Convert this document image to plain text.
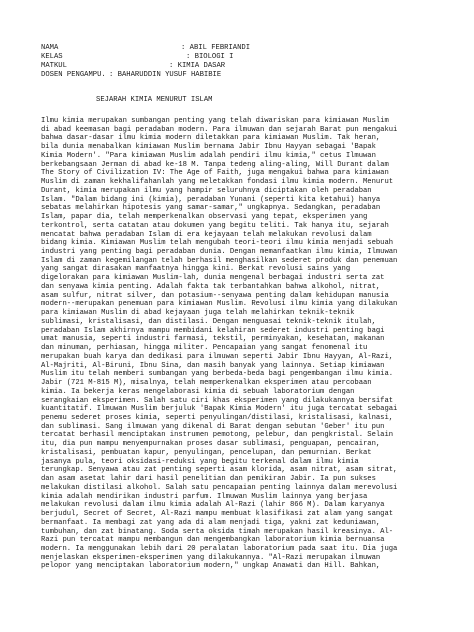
NAMA	: ABIL FEBRIANDI
KELAS	: BIOLOGI I
MATKUL	: KIMIA DASAR
DOSEN PENGAMPU. : BAHARUDDIN YUSUF HABIBIE
SEJARAH KIMIA MENURUT ISLAM
Ilmu kimia merupakan sumbangan penting yang telah diwariskan para kimiawan Muslim
di abad keemasan bagi peradaban modern. Para ilmuwan dan sejarah Barat pun mengakui
bahwa dasar-dasar ilmu kimia modern diletakkan para kimiawan Muslim. Tak heran,
bila dunia menabalkan kimiawan Muslim bernama Jabir Ibnu Hayyan sebagai 'Bapak
Kimia Modern'. "Para kimiawan Muslim adalah pendiri ilmu kimia," cetus Ilmuwan
berkebangsaan Jerman di abad ke-18 M. Tanpa tedeng aling-aling, Will Durant dalam
The Story of Civilization IV: The Age of Faith, juga mengakui bahwa para kimiawan
Muslim di zaman kekhalifahanlah yang meletakkan fondasi ilmu kimia modern. Menurut
Durant, kimia merupakan ilmu yang hampir seluruhnya diciptakan oleh peradaban
Islam. "Dalam bidang ini (kimia), peradaban Yunani (seperti kita ketahui) hanya
sebatas melahirkan hipotesis yang samar-samar," ungkapnya. Sedangkan, peradaban
Islam, papar dia, telah memperkenalkan observasi yang tepat, eksperimen yang
terkontrol, serta catatan atau dokumen yang begitu teliti. Tak hanya itu, sejarah
mencatat bahwa peradaban Islam di era kejayaan telah melakukan revolusi dalam
bidang kimia. Kimiawan Muslim telah mengubah teori-teori ilmu kimia menjadi sebuah
industri yang penting bagi peradaban dunia. Dengan memanfaatkan ilmu kimia, Ilmuwan
Islam di zaman kegemilangan telah berhasil menghasilkan sederet produk dan penemuan
yang sangat dirasakan manfaatnya hingga kini. Berkat revolusi sains yang
digelorakan para kimiawan Muslim-lah, dunia mengenal berbagai industri serta zat
dan senyawa kimia penting. Adalah fakta tak terbantahkan bahwa alkohol, nitrat,
asam sulfur, nitrat silver, dan potasium--senyawa penting dalam kehidupan manusia
modern--merupakan penemuan para kimiawan Muslim. Revolusi ilmu kimia yang dilakukan
para kimiawan Muslim di abad kejayaan juga telah melahirkan teknik-teknik
sublimasi, kristalisasi, dan distilasi. Dengan menguasai teknik-teknik itulah,
peradaban Islam akhirnya mampu membidani kelahiran sederet industri penting bagi
umat manusia, seperti industri farmasi, tekstil, perminyakan, kesehatan, makanan
dan minuman, perhiasan, hingga militer. Pencapaian yang sangat fenomenal itu
merupakan buah karya dan dedikasi para ilmuwan seperti Jabir Ibnu Hayyan, Al-Razi,
Al-Majriti, Al-Biruni, Ibnu Sina, dan masih banyak yang lainnya. Setiap kimiawan
Muslim itu telah memberi sumbangan yang berbeda-beda bagi pengembangan ilmu kimia.
Jabir (721 M-815 M), misalnya, telah memperkenalkan eksperimen atau percobaan
kimia. Ia bekerja keras mengelaborasi kimia di sebuah laboratorium dengan
serangkaian eksperimen. Salah satu ciri khas eksperimen yang dilakukannya bersifat
kuantitatif. Ilmuwan Muslim berjuluk 'Bapak Kimia Modern' itu juga tercatat sebagai
penemu sederet proses kimia, seperti penyulingan/distilasi, kristalisasi, kalnasi,
dan sublimasi. Sang ilmuwan yang dikenal di Barat dengan sebutan 'Geber' itu pun
tercatat berhasil menciptakan instrumen pemotong, pelebur, dan pengkristal. Selain
itu, dia pun mampu menyempurnakan proses dasar sublimasi, penguapan, pencairan,
kristalisasi, pembuatan kapur, penyulingan, pencelupan, dan pemurnian. Berkat
jasanya pula, teori oksidasi-reduksi yang begitu terkenal dalam ilmu kimia
terungkap. Senyawa atau zat penting seperti asam klorida, asam nitrat, asam sitrat,
dan asam asetat lahir dari hasil penelitian dan pemikiran Jabir. Ia pun sukses
melakukan distilasi alkohol. Salah satu pencapaian penting lainnya dalam merevolusi
kimia adalah mendirikan industri parfum. Ilmuwan Muslim lainnya yang berjasa
melakukan revolusi dalam ilmu kimia adalah Al-Razi (lahir 866 M). Dalam karyanya
berjudul, Secret of Secret, Al-Razi mampu membuat klasifikasi zat alam yang sangat
bermanfaat. Ia membagi zat yang ada di alam menjadi tiga, yakni zat keduniawan,
tumbuhan, dan zat binatang. Soda serta oksida timah merupakan hasil kreasinya. Al-
Razi pun tercatat mampu membangun dan mengembangkan laboratorium kimia bernuansa
modern. Ia menggunakan lebih dari 20 peralatan laboratorium pada saat itu. Dia juga
menjelaskan eksperimen-eksperimen yang dilakukannya. "Al-Razi merupakan ilmuwan
pelopor yang menciptakan laboratorium modern," ungkap Anawati dan Hill. Bahkan,
